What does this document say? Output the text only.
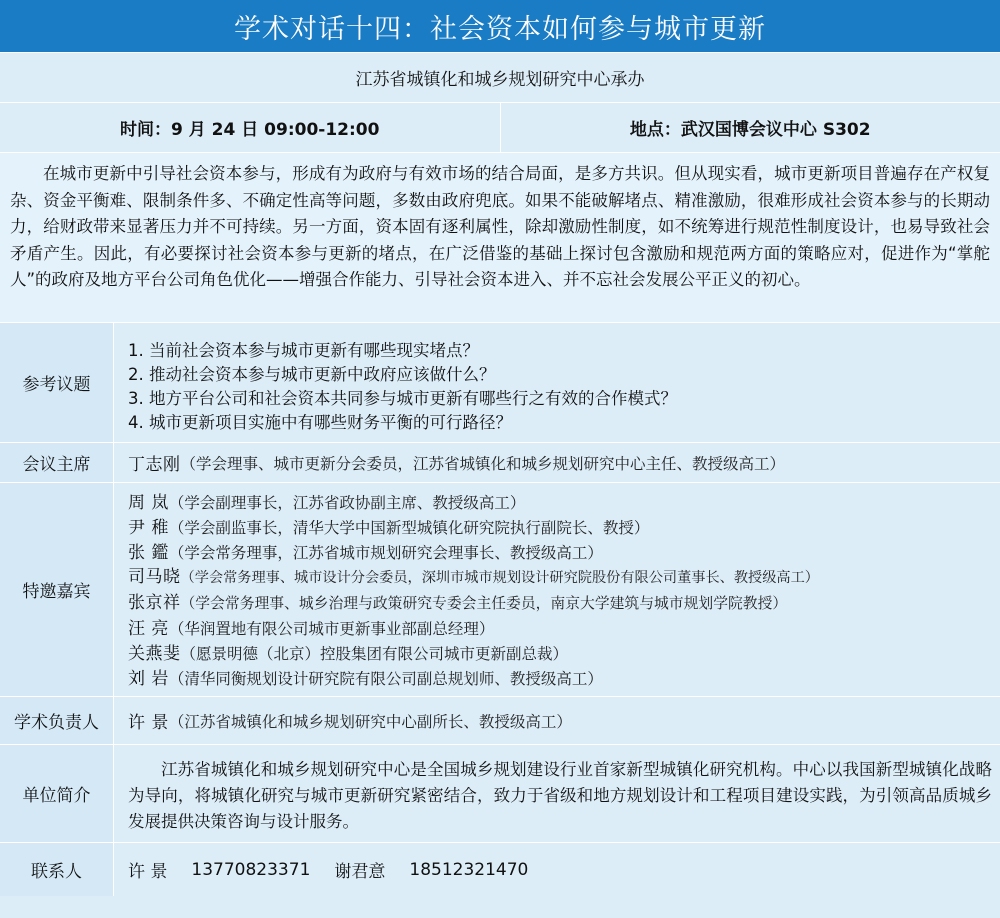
学术对话十四：社会资本如何参与城市更新
江苏省城镇化和城乡规划研究中心承办
时间：9 月 24 日 09:00-12:00	地点：武汉国博会议中心 S302

在城市更新中引导社会资本参与，形成有为政府与有效市场的结合局面，是多方共识。但从现实看，城市更新项目普遍存在产权复杂、资金平衡难、限制条件多、不确定性高等问题，多数由政府兜底。如果不能破解堵点、精准激励，很难形成社会资本参与的长期动力，给财政带来显著压力并不可持续。另一方面，资本固有逐利属性，除却激励性制度，如不统筹进行规范性制度设计，也易导致社会矛盾产生。因此，有必要探讨社会资本参与更新的堵点，在广泛借鉴的基础上探讨包含激励和规范两方面的策略应对，促进作为“掌舵人”的政府及地方平台公司角色优化——增强合作能力、引导社会资本进入、并不忘社会发展公平正义的初心。

参考议题
1. 当前社会资本参与城市更新有哪些现实堵点？
2. 推动社会资本参与城市更新中政府应该做什么？
3. 地方平台公司和社会资本共同参与城市更新有哪些行之有效的合作模式？
4. 城市更新项目实施中有哪些财务平衡的可行路径？
会议主席	丁志刚 （学会理事、城市更新分会委员，江苏省城镇化和城乡规划研究中心主任、教授级高工）
特邀嘉宾
周 岚（学会副理事长，江苏省政协副主席、教授级高工）
尹 稚（学会副监事长，清华大学中国新型城镇化研究院执行副院长、教授）
张 鑑（学会常务理事，江苏省城市规划研究会理事长、教授级高工）
司马晓（学会常务理事、城市设计分会委员，深圳市城市规划设计研究院股份有限公司董事长、教授级高工）
张京祥（学会常务理事、城乡治理与政策研究专委会主任委员，南京大学建筑与城市规划学院教授）
汪 亮（华润置地有限公司城市更新事业部副总经理）
关燕斐（愿景明德（北京）控股集团有限公司城市更新副总裁）
刘 岩（清华同衡规划设计研究院有限公司副总规划师、教授级高工）
学术负责人	许 景 （江苏省城镇化和城乡规划研究中心副所长、教授级高工）
单位简介

江苏省城镇化和城乡规划研究中心是全国城乡规划建设行业首家新型城镇化研究机构。中心以我国新型城镇化战略为导向，将城镇化研究与城市更新研究紧密结合，致力于省级和地方规划设计和工程项目建设实践，为引领高品质城乡发展提供决策咨询与设计服务。

联系人	许 景 13770823371 谢君意 18512321470
